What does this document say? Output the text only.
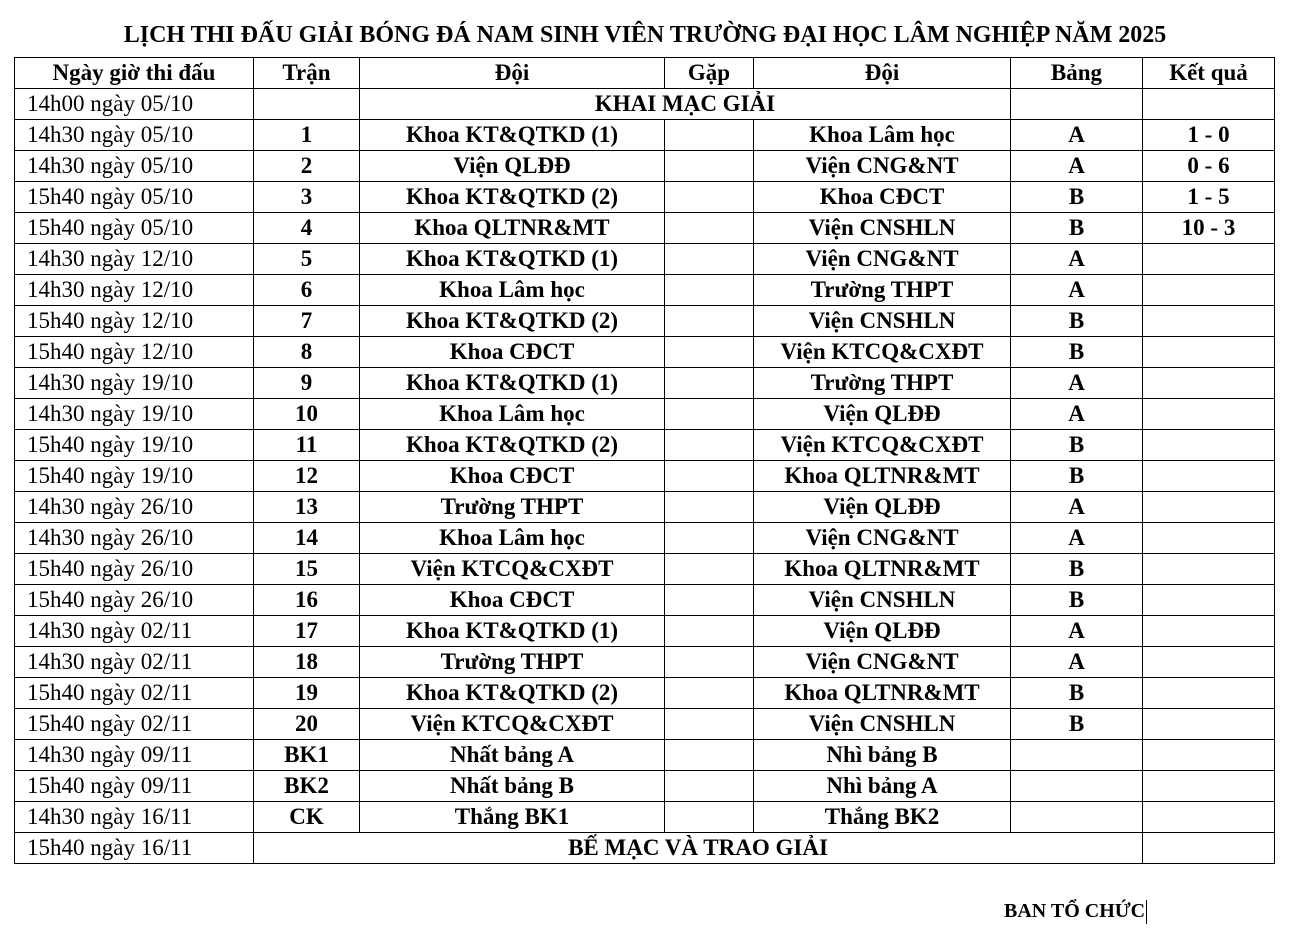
LỊCH THI ĐẤU GIẢI BÓNG ĐÁ NAM SINH VIÊN TRƯỜNG ĐẠI HỌC LÂM NGHIỆP NĂM 2025
Ngày giờ thi đấu	Trận	Đội	Gặp	Đội	Bảng	Kết quả
14h00 ngày 05/10		KHAI MẠC GIẢI				
14h30 ngày 05/10	1	Khoa KT&QTKD (1)		Khoa Lâm học	A	1 - 0
14h30 ngày 05/10	2	Viện QLĐĐ		Viện CNG&NT	A	0 - 6
15h40 ngày 05/10	3	Khoa KT&QTKD (2)		Khoa CĐCT	B	1 - 5
15h40 ngày 05/10	4	Khoa QLTNR&MT		Viện CNSHLN	B	10 - 3
14h30 ngày 12/10	5	Khoa KT&QTKD (1)		Viện CNG&NT	A	
14h30 ngày 12/10	6	Khoa Lâm học		Trường THPT	A	
15h40 ngày 12/10	7	Khoa KT&QTKD (2)		Viện CNSHLN	B	
15h40 ngày 12/10	8	Khoa CĐCT		Viện KTCQ&CXĐT	B	
14h30 ngày 19/10	9	Khoa KT&QTKD (1)		Trường THPT	A	
14h30 ngày 19/10	10	Khoa Lâm học		Viện QLĐĐ	A	
15h40 ngày 19/10	11	Khoa KT&QTKD (2)		Viện KTCQ&CXĐT	B	
15h40 ngày 19/10	12	Khoa CĐCT		Khoa QLTNR&MT	B	
14h30 ngày 26/10	13	Trường THPT		Viện QLĐĐ	A	
14h30 ngày 26/10	14	Khoa Lâm học		Viện CNG&NT	A	
15h40 ngày 26/10	15	Viện KTCQ&CXĐT		Khoa QLTNR&MT	B	
15h40 ngày 26/10	16	Khoa CĐCT		Viện CNSHLN	B	
14h30 ngày 02/11	17	Khoa KT&QTKD (1)		Viện QLĐĐ	A	
14h30 ngày 02/11	18	Trường THPT		Viện CNG&NT	A	
15h40 ngày 02/11	19	Khoa KT&QTKD (2)		Khoa QLTNR&MT	B	
15h40 ngày 02/11	20	Viện KTCQ&CXĐT		Viện CNSHLN	B	
14h30 ngày 09/11	BK1	Nhất bảng A		Nhì bảng B		
15h40 ngày 09/11	BK2	Nhất bảng B		Nhì bảng A		
14h30 ngày 16/11	CK	Thắng BK1		Thắng BK2		
15h40 ngày 16/11	BẾ MẠC VÀ TRAO GIẢI					
BAN TỔ CHỨC
